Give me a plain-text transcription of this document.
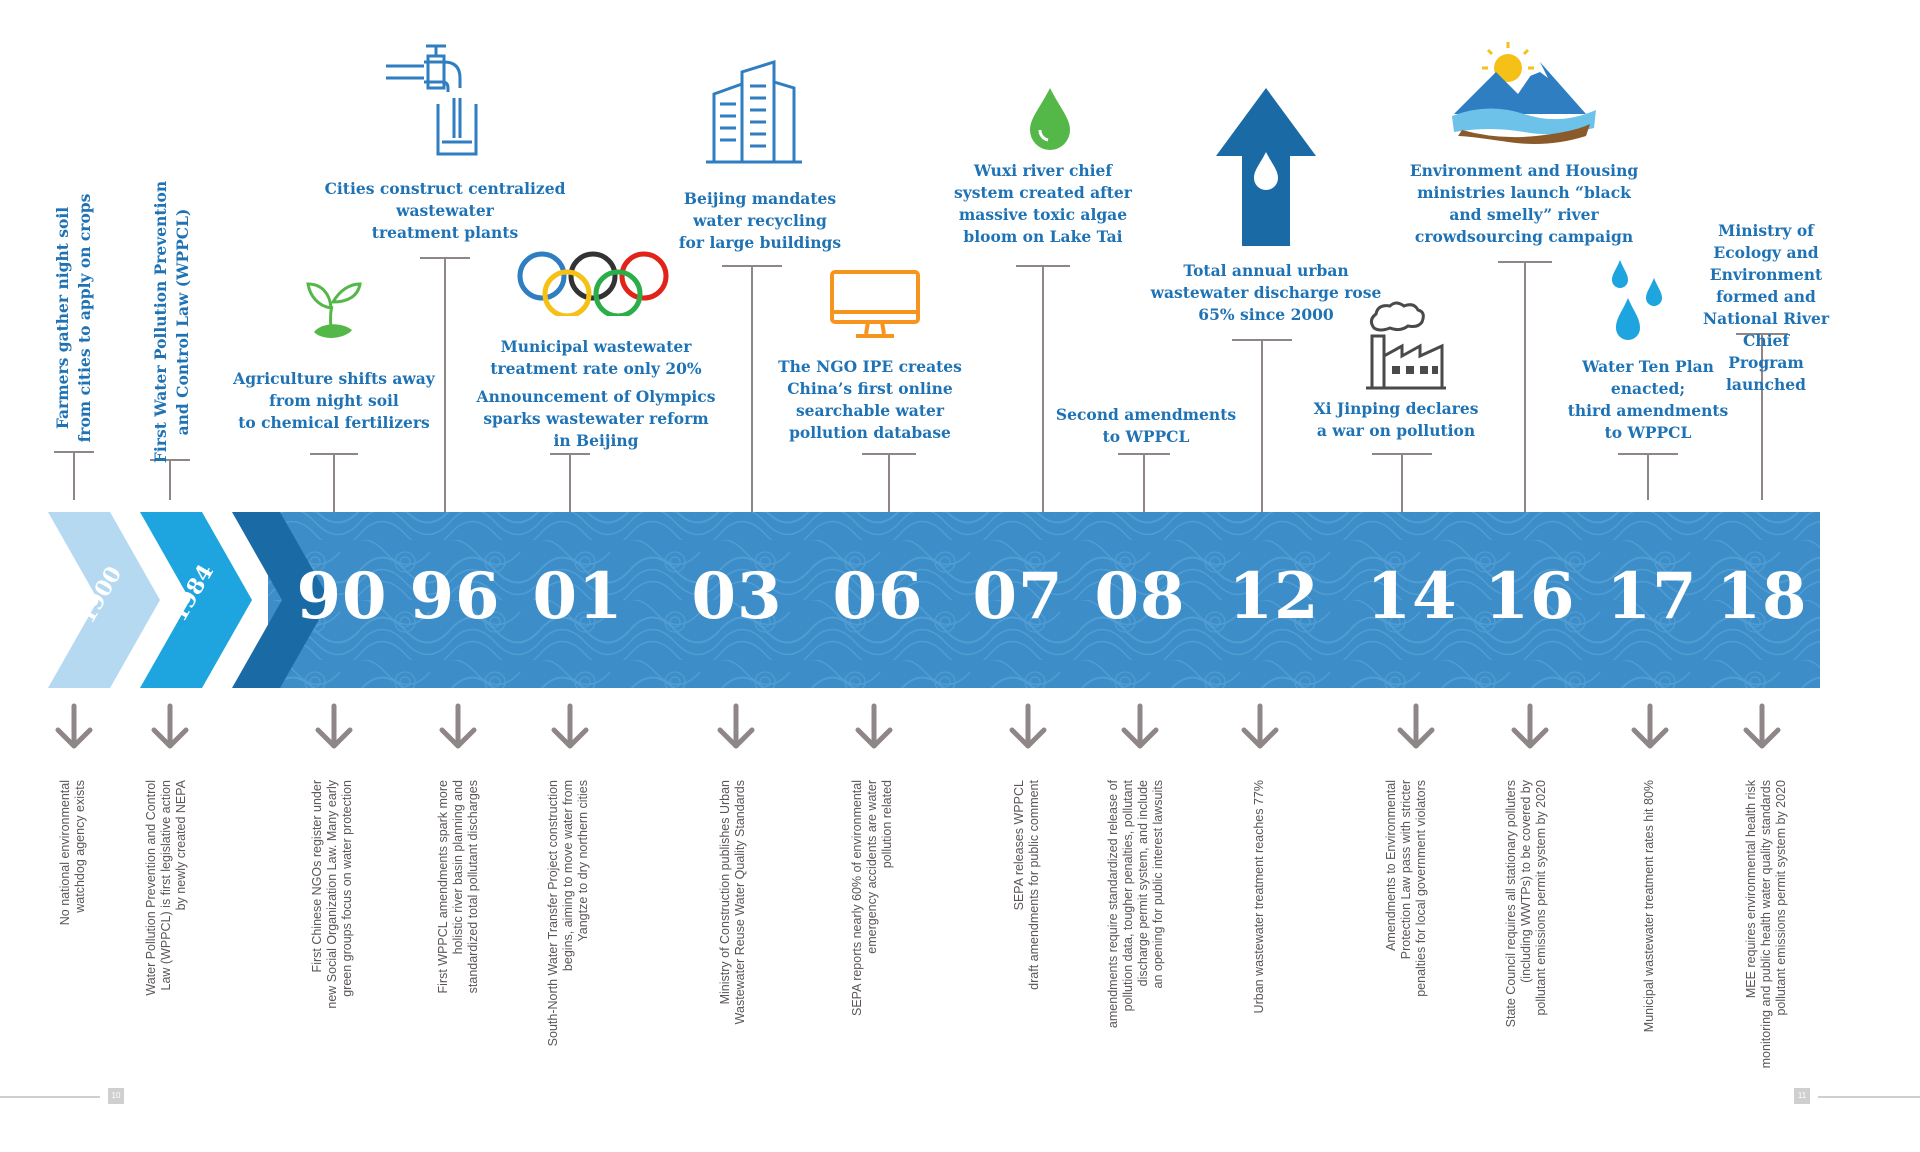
10	11
1900 1984 90 96 01 03 06 07 08 12 14 16 17 18
Farmers gather night soil
from cities to apply on crops
First Water Pollution Prevention
and Control Law (WPPCL)
Agriculture shifts away
from night soil
to chemical fertilizers
Cities construct centralized
wastewater
treatment plants
Municipal wastewater
treatment rate only 20%
Announcement of Olympics
sparks wastewater reform
in Beijing
Beijing mandates
water recycling
for large buildings
The NGO IPE creates
China’s first online
searchable water
pollution database
Wuxi river chief
system created after
massive toxic algae
bloom on Lake Tai
Second amendments
to WPPCL
Total annual urban
wastewater discharge rose
65% since 2000
Xi Jinping declares
a war on pollution
Environment and Housing
ministries launch “black
and smelly” river
crowdsourcing campaign
Water Ten Plan
enacted;
third amendments
to WPPCL
Ministry of Ecology and
Environment formed and
National River Chief
Program launched
No national environmental
watchdog agency exists
Water Pollution Prevention and Control
Law (WPPCL) is first legislative action
by newly created NEPA
First Chinese NGOs register under
new Social Organization Law. Many early
green groups focus on water protection
First WPPCL amendments spark more
holistic river basin planning and
standardized total pollutant discharges
South-North Water Transfer Project construction
begins, aiming to move water from
Yangtze to dry northern cities
Ministry of Construction publishes Urban
Wastewater Reuse Water Quality Standards
SEPA reports nearly 60% of environmental
emergency accidents are water
pollution related
SEPA releases WPPCL
draft amendments for public comment
amendments require standardized release of
pollution data, tougher penalties, pollutant
discharge permit system, and include
an opening for public interest lawsuits	Urban wastewater treatment reaches 77%	Amendments to Environmental
Protection Law pass with stricter
penalties for local government violators
State Council requires all stationary polluters
(including WWTPs) to be covered by
pollutant emissions permit system by 2020	Municipal wastewater treatment rates hit 80%	MEE requires environmental health risk
monitoring and public health water quality standards
pollutant emissions permit system by 2020
